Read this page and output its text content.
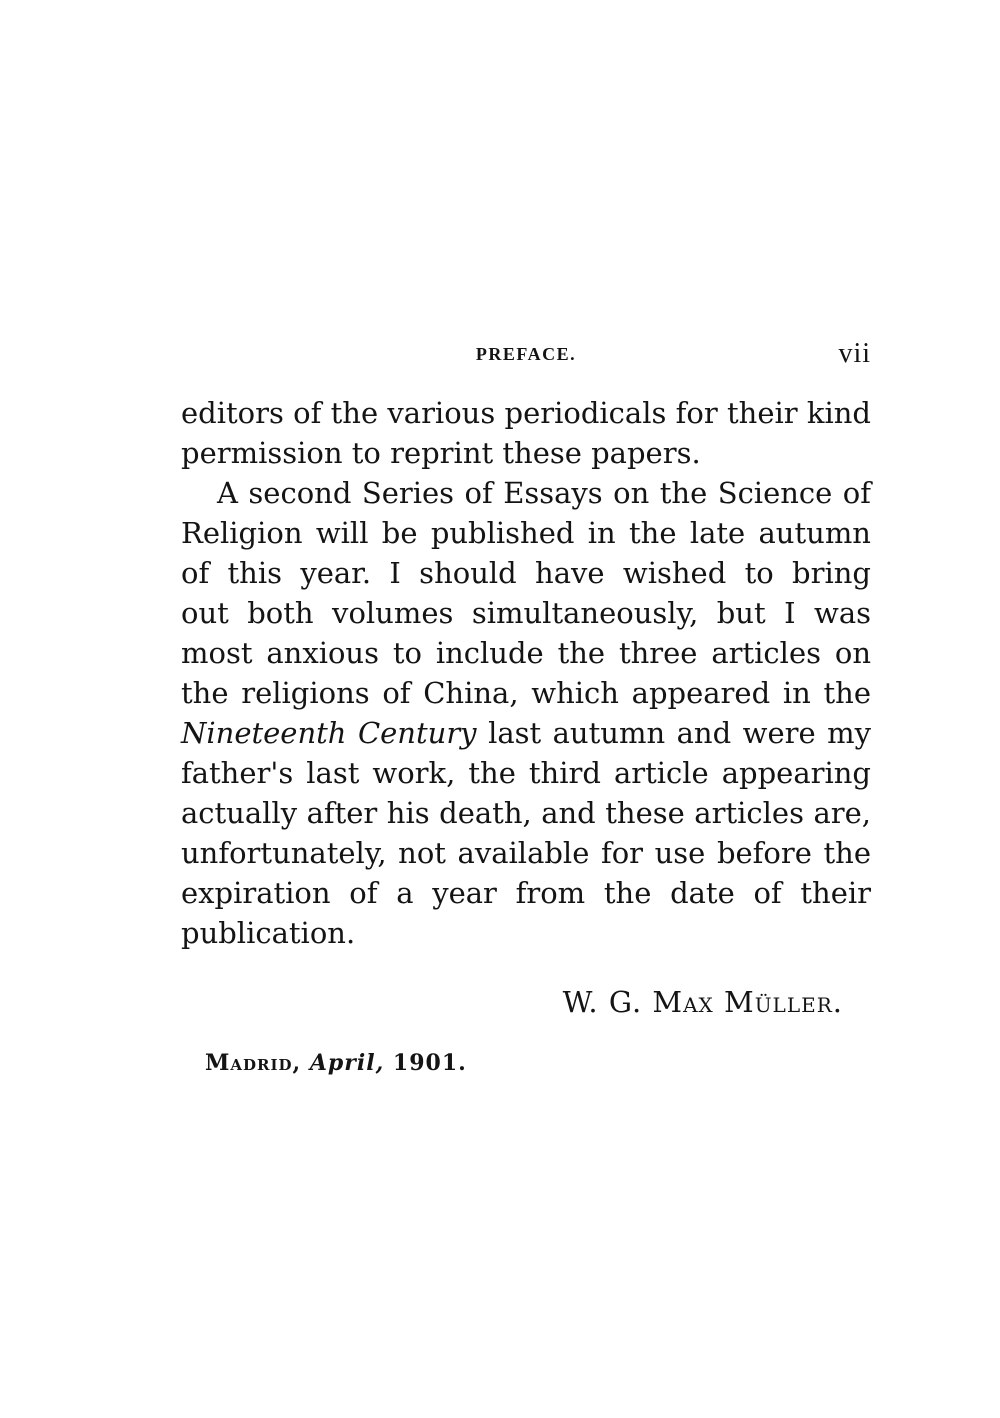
PREFACE.	vii
editors of the various periodicals for their kind
permission to reprint these papers.
A second Series of Essays on the Science of
Religion will be published in the late autumn
of this year. I should have wished to bring
out both volumes simultaneously, but I was
most anxious to include the three articles on
the religions of China, which appeared in the
Nineteenth Century last autumn and were my
father's last work, the third article appearing
actually after his death, and these articles are,
unfortunately, not available for use before the
expiration of a year from the date of their
publication.
W. G. Max Müller.
Madrid, April, 1901.
